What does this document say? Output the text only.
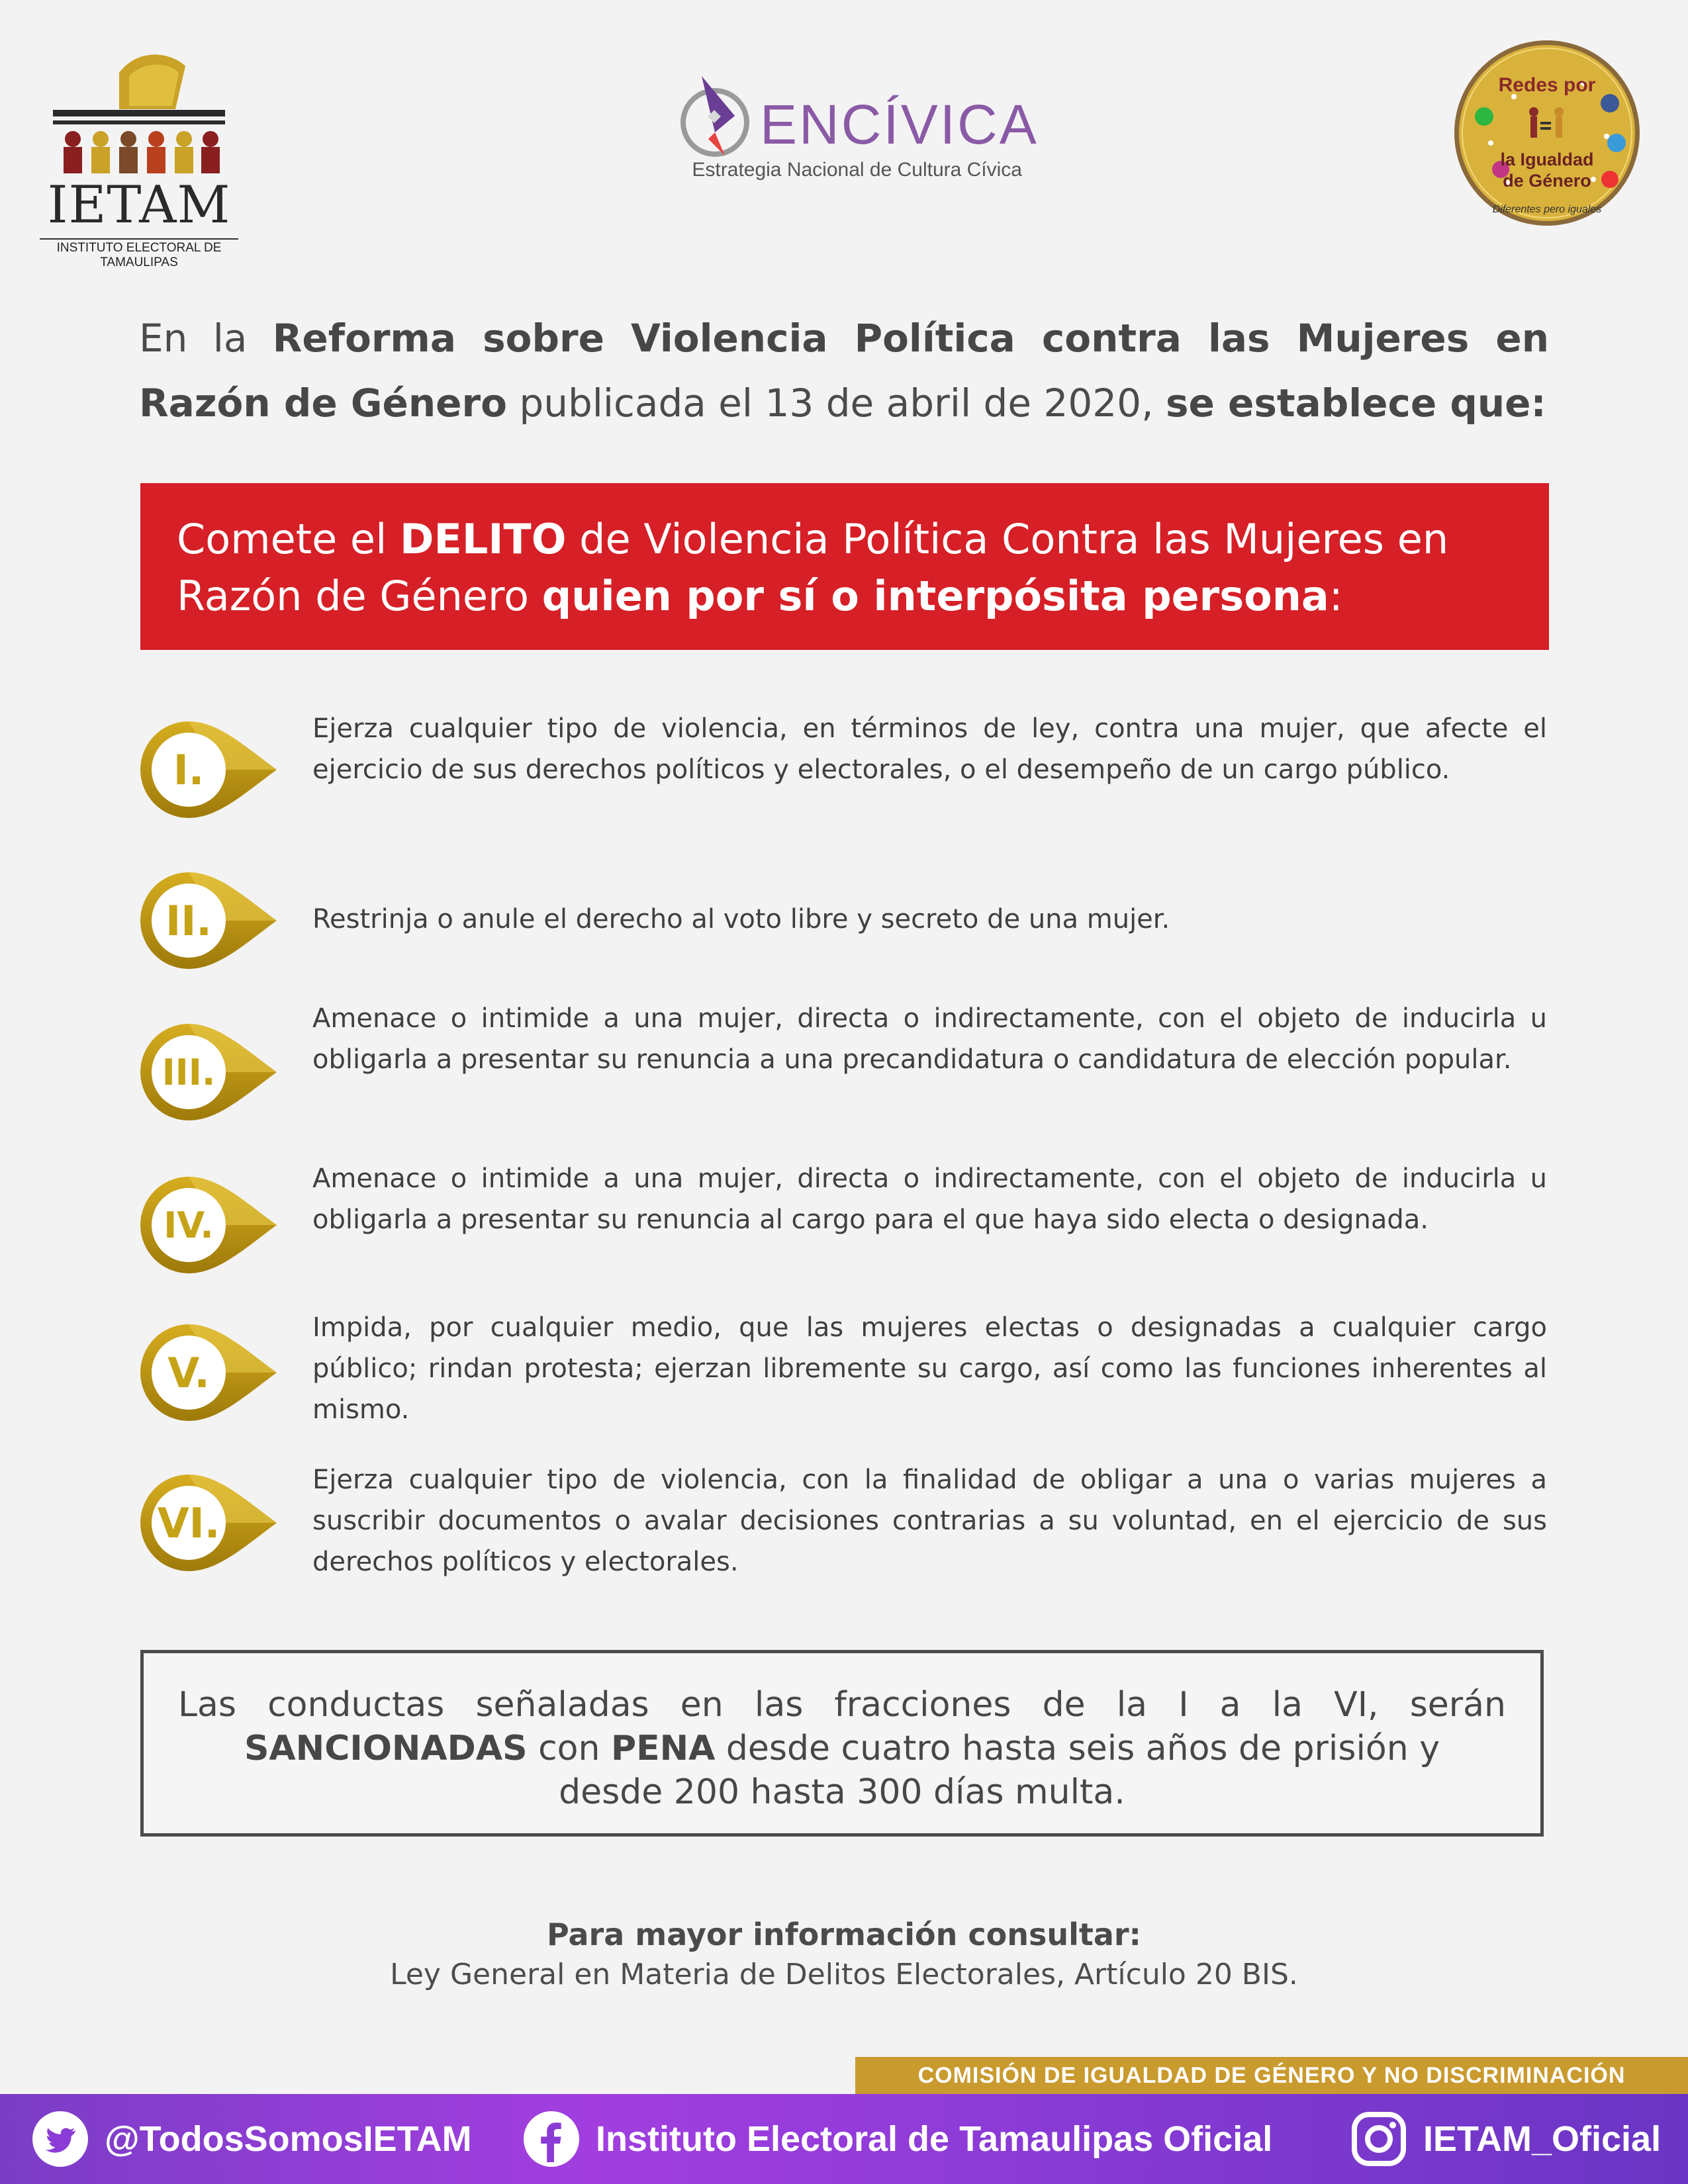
IETAM
INSTITUTO ELECTORAL DE TAMAULIPAS
ENCÍVICA
Estrategia Nacional de Cultura Cívica
Redes por
la Igualdad
de Género
Diferentes pero iguales
En la Reforma sobre Violencia Política contra las Mujeres en Razón de Género publicada el 13 de abril de 2020, se establece que:
Comete el DELITO de Violencia Política Contra las Mujeres en Razón de Género quien por sí o interpósita persona:
I.
Ejerza cualquier tipo de violencia, en términos de ley, contra una mujer, que afecte el ejercicio de sus derechos políticos y electorales, o el desempeño de un cargo público.
II.	Restrinja o anule el derecho al voto libre y secreto de una mujer.
III.
Amenace o intimide a una mujer, directa o indirectamente, con el objeto de inducirla u obligarla a presentar su renuncia a una precandidatura o candidatura de elección popular.
IV.
Amenace o intimide a una mujer, directa o indirectamente, con el objeto de inducirla u obligarla a presentar su renuncia al cargo para el que haya sido electa o designada.
V.
Impida, por cualquier medio, que las mujeres electas o designadas a cualquier cargo público; rindan protesta; ejerzan libremente su cargo, así como las funciones inherentes al mismo.
VI.
Ejerza cualquier tipo de violencia, con la finalidad de obligar a una o varias mujeres a suscribir documentos o avalar decisiones contrarias a su voluntad, en el ejercicio de sus derechos políticos y electorales.
Las conductas señaladas en las fracciones de la I a la VI, serán SANCIONADAS con PENA desde cuatro hasta seis años de prisión y
desde 200 hasta 300 días multa.
Para mayor información consultar:
Ley General en Materia de Delitos Electorales, Artículo 20 BIS.
COMISIÓN DE IGUALDAD DE GÉNERO Y NO DISCRIMINACIÓN
@TodosSomosIETAM	Instituto Electoral de Tamaulipas Oficial	IETAM_Oficial
